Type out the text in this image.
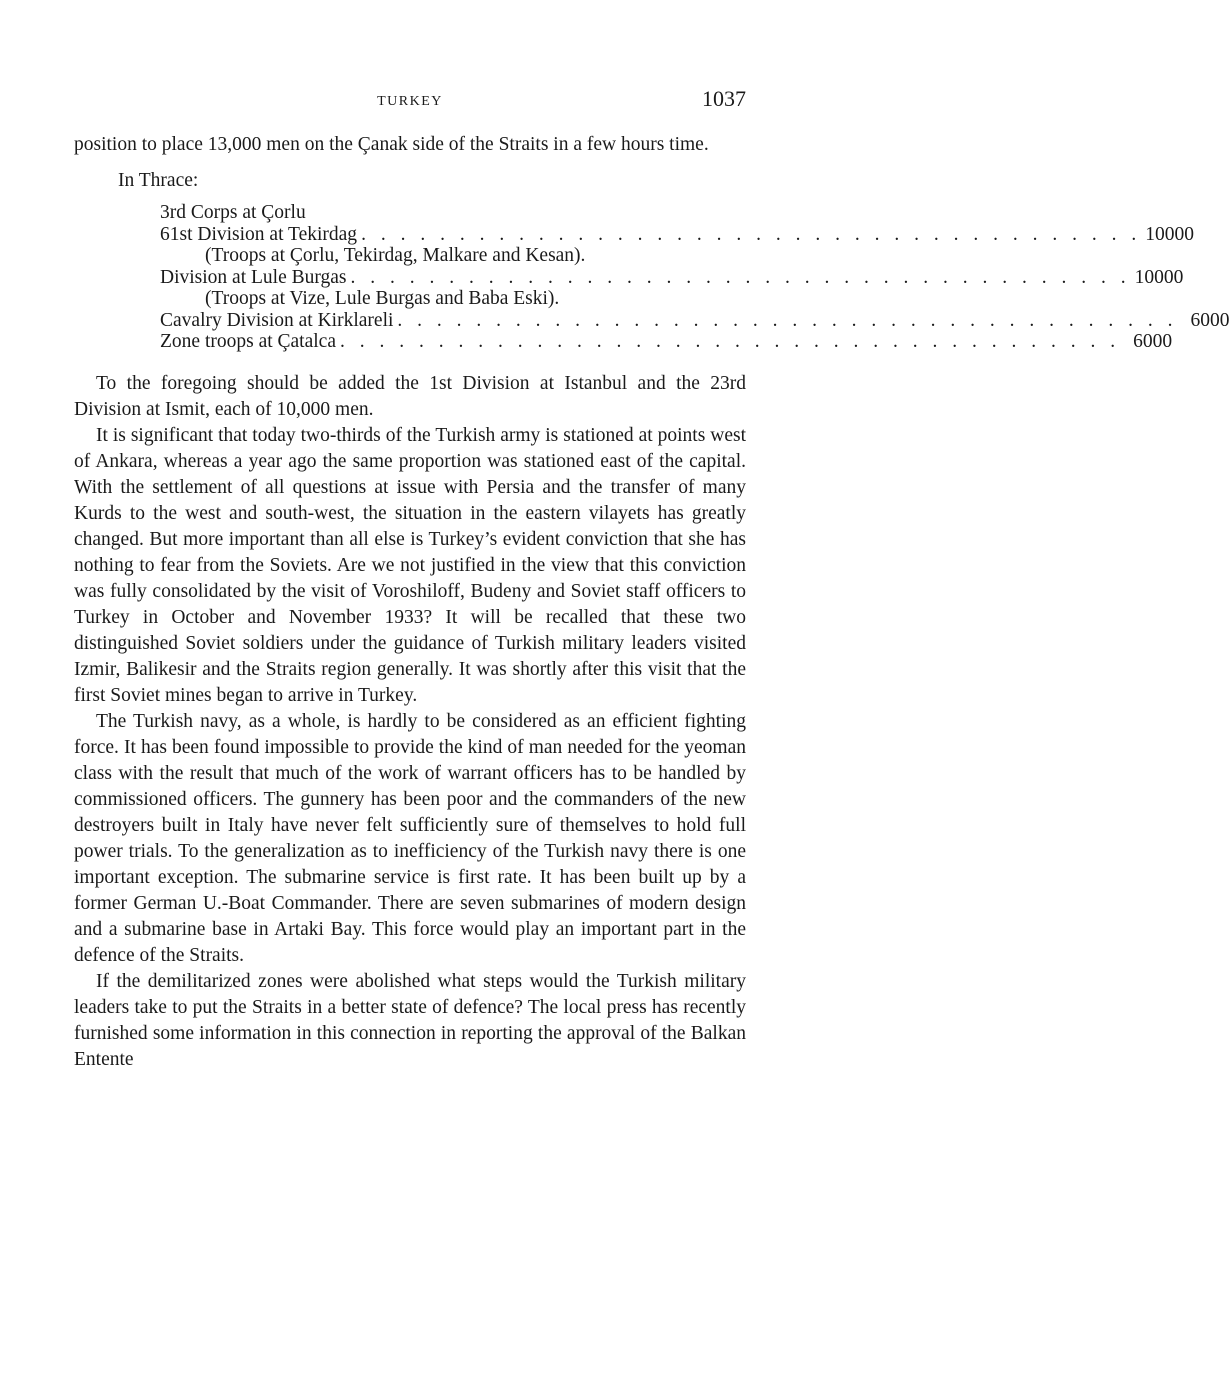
TURKEY	1037

position to place 13,000 men on the Çanak side of the Straits in a few hours time.

In Thrace:
3rd Corps at Çorlu
61st Division at Tekirdag . . . . . . . . . . . . . . . . . . . . . . . . . . . . . . . . . . . . . . . . 10000
(Troops at Çorlu, Tekirdag, Malkare and Kesan).
Division at Lule Burgas . . . . . . . . . . . . . . . . . . . . . . . . . . . . . . . . . . . . . . . . 10000
(Troops at Vize, Lule Burgas and Baba Eski).
Cavalry Division at Kirklareli . . . . . . . . . . . . . . . . . . . . . . . . . . . . . . . . . . . . . . . . 6000
Zone troops at Çatalca . . . . . . . . . . . . . . . . . . . . . . . . . . . . . . . . . . . . . . . . 6000

To the foregoing should be added the 1st Division at Istanbul and the 23rd Division at Ismit, each of 10,000 men.

It is significant that today two-thirds of the Turkish army is stationed at points west of Ankara, whereas a year ago the same proportion was stationed east of the capital. With the settlement of all questions at issue with Persia and the transfer of many Kurds to the west and south-west, the situation in the eastern vilayets has greatly changed. But more important than all else is Turkey’s evident conviction that she has nothing to fear from the Soviets. Are we not justified in the view that this conviction was fully consolidated by the visit of Voroshiloff, Budeny and Soviet staff officers to Turkey in October and November 1933? It will be recalled that these two distinguished Soviet soldiers under the guidance of Turkish military leaders visited Izmir, Balikesir and the Straits region generally. It was shortly after this visit that the first Soviet mines began to arrive in Turkey.

The Turkish navy, as a whole, is hardly to be considered as an efficient fighting force. It has been found impossible to provide the kind of man needed for the yeoman class with the result that much of the work of warrant officers has to be handled by commissioned officers. The gunnery has been poor and the commanders of the new destroyers built in Italy have never felt sufficiently sure of themselves to hold full power trials. To the generalization as to inefficiency of the Turkish navy there is one important exception. The submarine service is first rate. It has been built up by a former German U.-Boat Commander. There are seven submarines of modern design and a submarine base in Artaki Bay. This force would play an important part in the defence of the Straits.

If the demilitarized zones were abolished what steps would the Turkish military leaders take to put the Straits in a better state of defence? The local press has recently furnished some information in this connection in reporting the approval of the Balkan Entente
